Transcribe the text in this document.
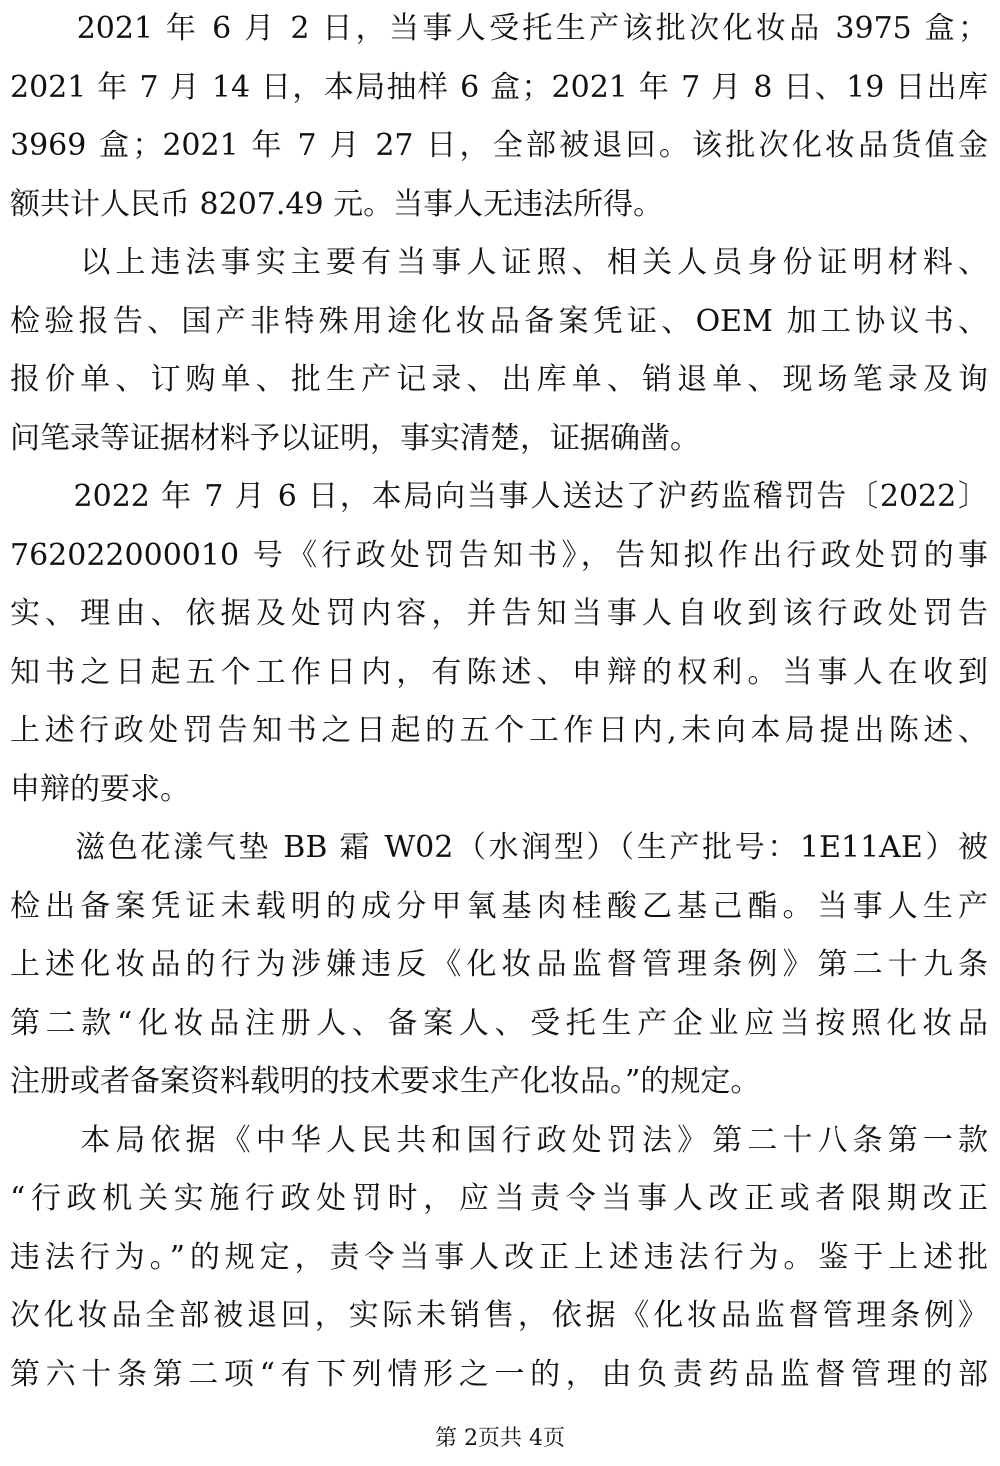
　　2021 年 6 月 2 日，当事人受托生产该批次化妆品 3975 盒；
2021 年 7 月 14 日，本局抽样 6 盒；2021 年 7 月 8 日、19 日出库
3969 盒；2021 年 7 月 27 日，全部被退回。该批次化妆品货值金
额共计人民币 8207.49 元。当事人无违法所得。
　　以上违法事实主要有当事人证照、相关人员身份证明材料、
检验报告、国产非特殊用途化妆品备案凭证、OEM 加工协议书、
报价单、订购单、批生产记录、出库单、销退单、现场笔录及询
问笔录等证据材料予以证明，事实清楚，证据确凿。
　　2022 年 7 月 6 日，本局向当事人送达了沪药监稽罚告〔2022〕
762022000010 号《行政处罚告知书》，告知拟作出行政处罚的事
实、理由、依据及处罚内容，并告知当事人自收到该行政处罚告
知书之日起五个工作日内，有陈述、申辩的权利。当事人在收到
上述行政处罚告知书之日起的五个工作日内,未向本局提出陈述、
申辩的要求。
　　滋色花漾气垫 BB 霜 W02（水润型）（生产批号：1E11AE）被
检出备案凭证未载明的成分甲氧基肉桂酸乙基己酯。当事人生产
上述化妆品的行为涉嫌违反《化妆品监督管理条例》第二十九条
第二款“化妆品注册人、备案人、受托生产企业应当按照化妆品
注册或者备案资料载明的技术要求生产化妆品。”的规定。
　　本局依据《中华人民共和国行政处罚法》第二十八条第一款
“行政机关实施行政处罚时，应当责令当事人改正或者限期改正
违法行为。”的规定，责令当事人改正上述违法行为。鉴于上述批
次化妆品全部被退回，实际未销售，依据《化妆品监督管理条例》
第六十条第二项“有下列情形之一的，由负责药品监督管理的部
第 2页共 4页
